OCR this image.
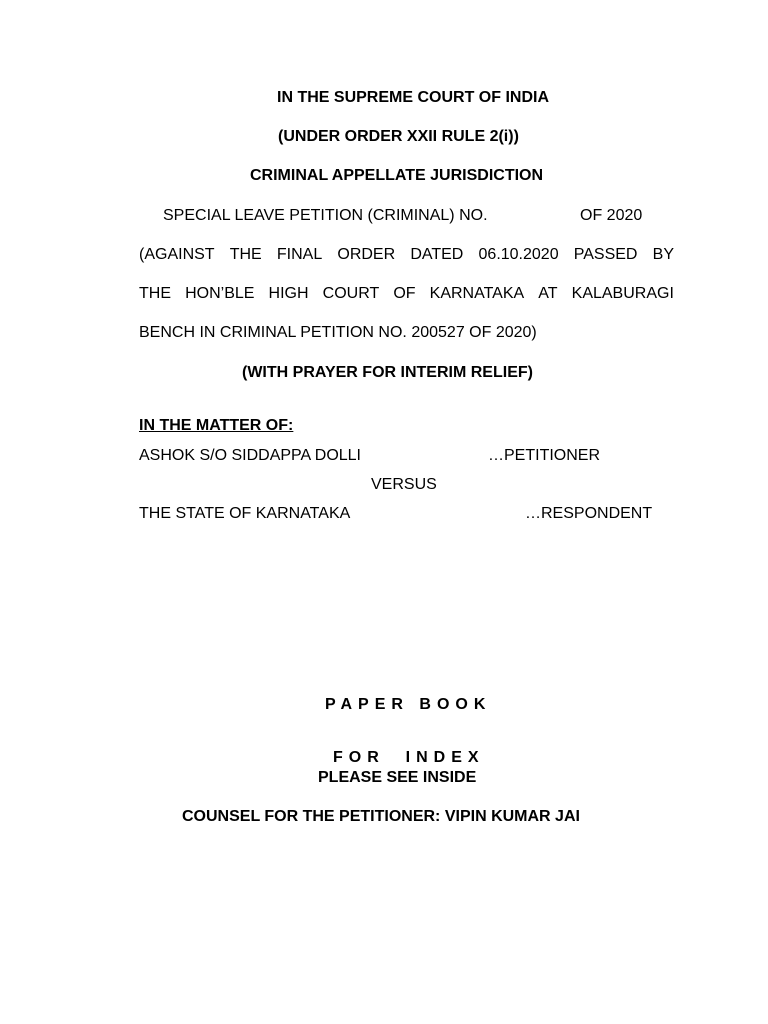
IN THE SUPREME COURT OF INDIA
(UNDER ORDER XXII RULE 2(i))
CRIMINAL APPELLATE JURISDICTION
SPECIAL LEAVE PETITION (CRIMINAL) NO.	OF 2020
(AGAINST THE FINAL ORDER DATED 06.10.2020 PASSED BY
THE HON’BLE HIGH COURT OF KARNATAKA AT KALABURAGI
BENCH IN CRIMINAL PETITION NO. 200527 OF 2020)
(WITH PRAYER FOR INTERIM RELIEF)
IN THE MATTER OF:
ASHOK S/O SIDDAPPA DOLLI	…PETITIONER
VERSUS
THE STATE OF KARNATAKA	…RESPONDENT
PAPER BOOK
FOR  INDEX
PLEASE SEE INSIDE
COUNSEL FOR THE PETITIONER: VIPIN KUMAR JAI
